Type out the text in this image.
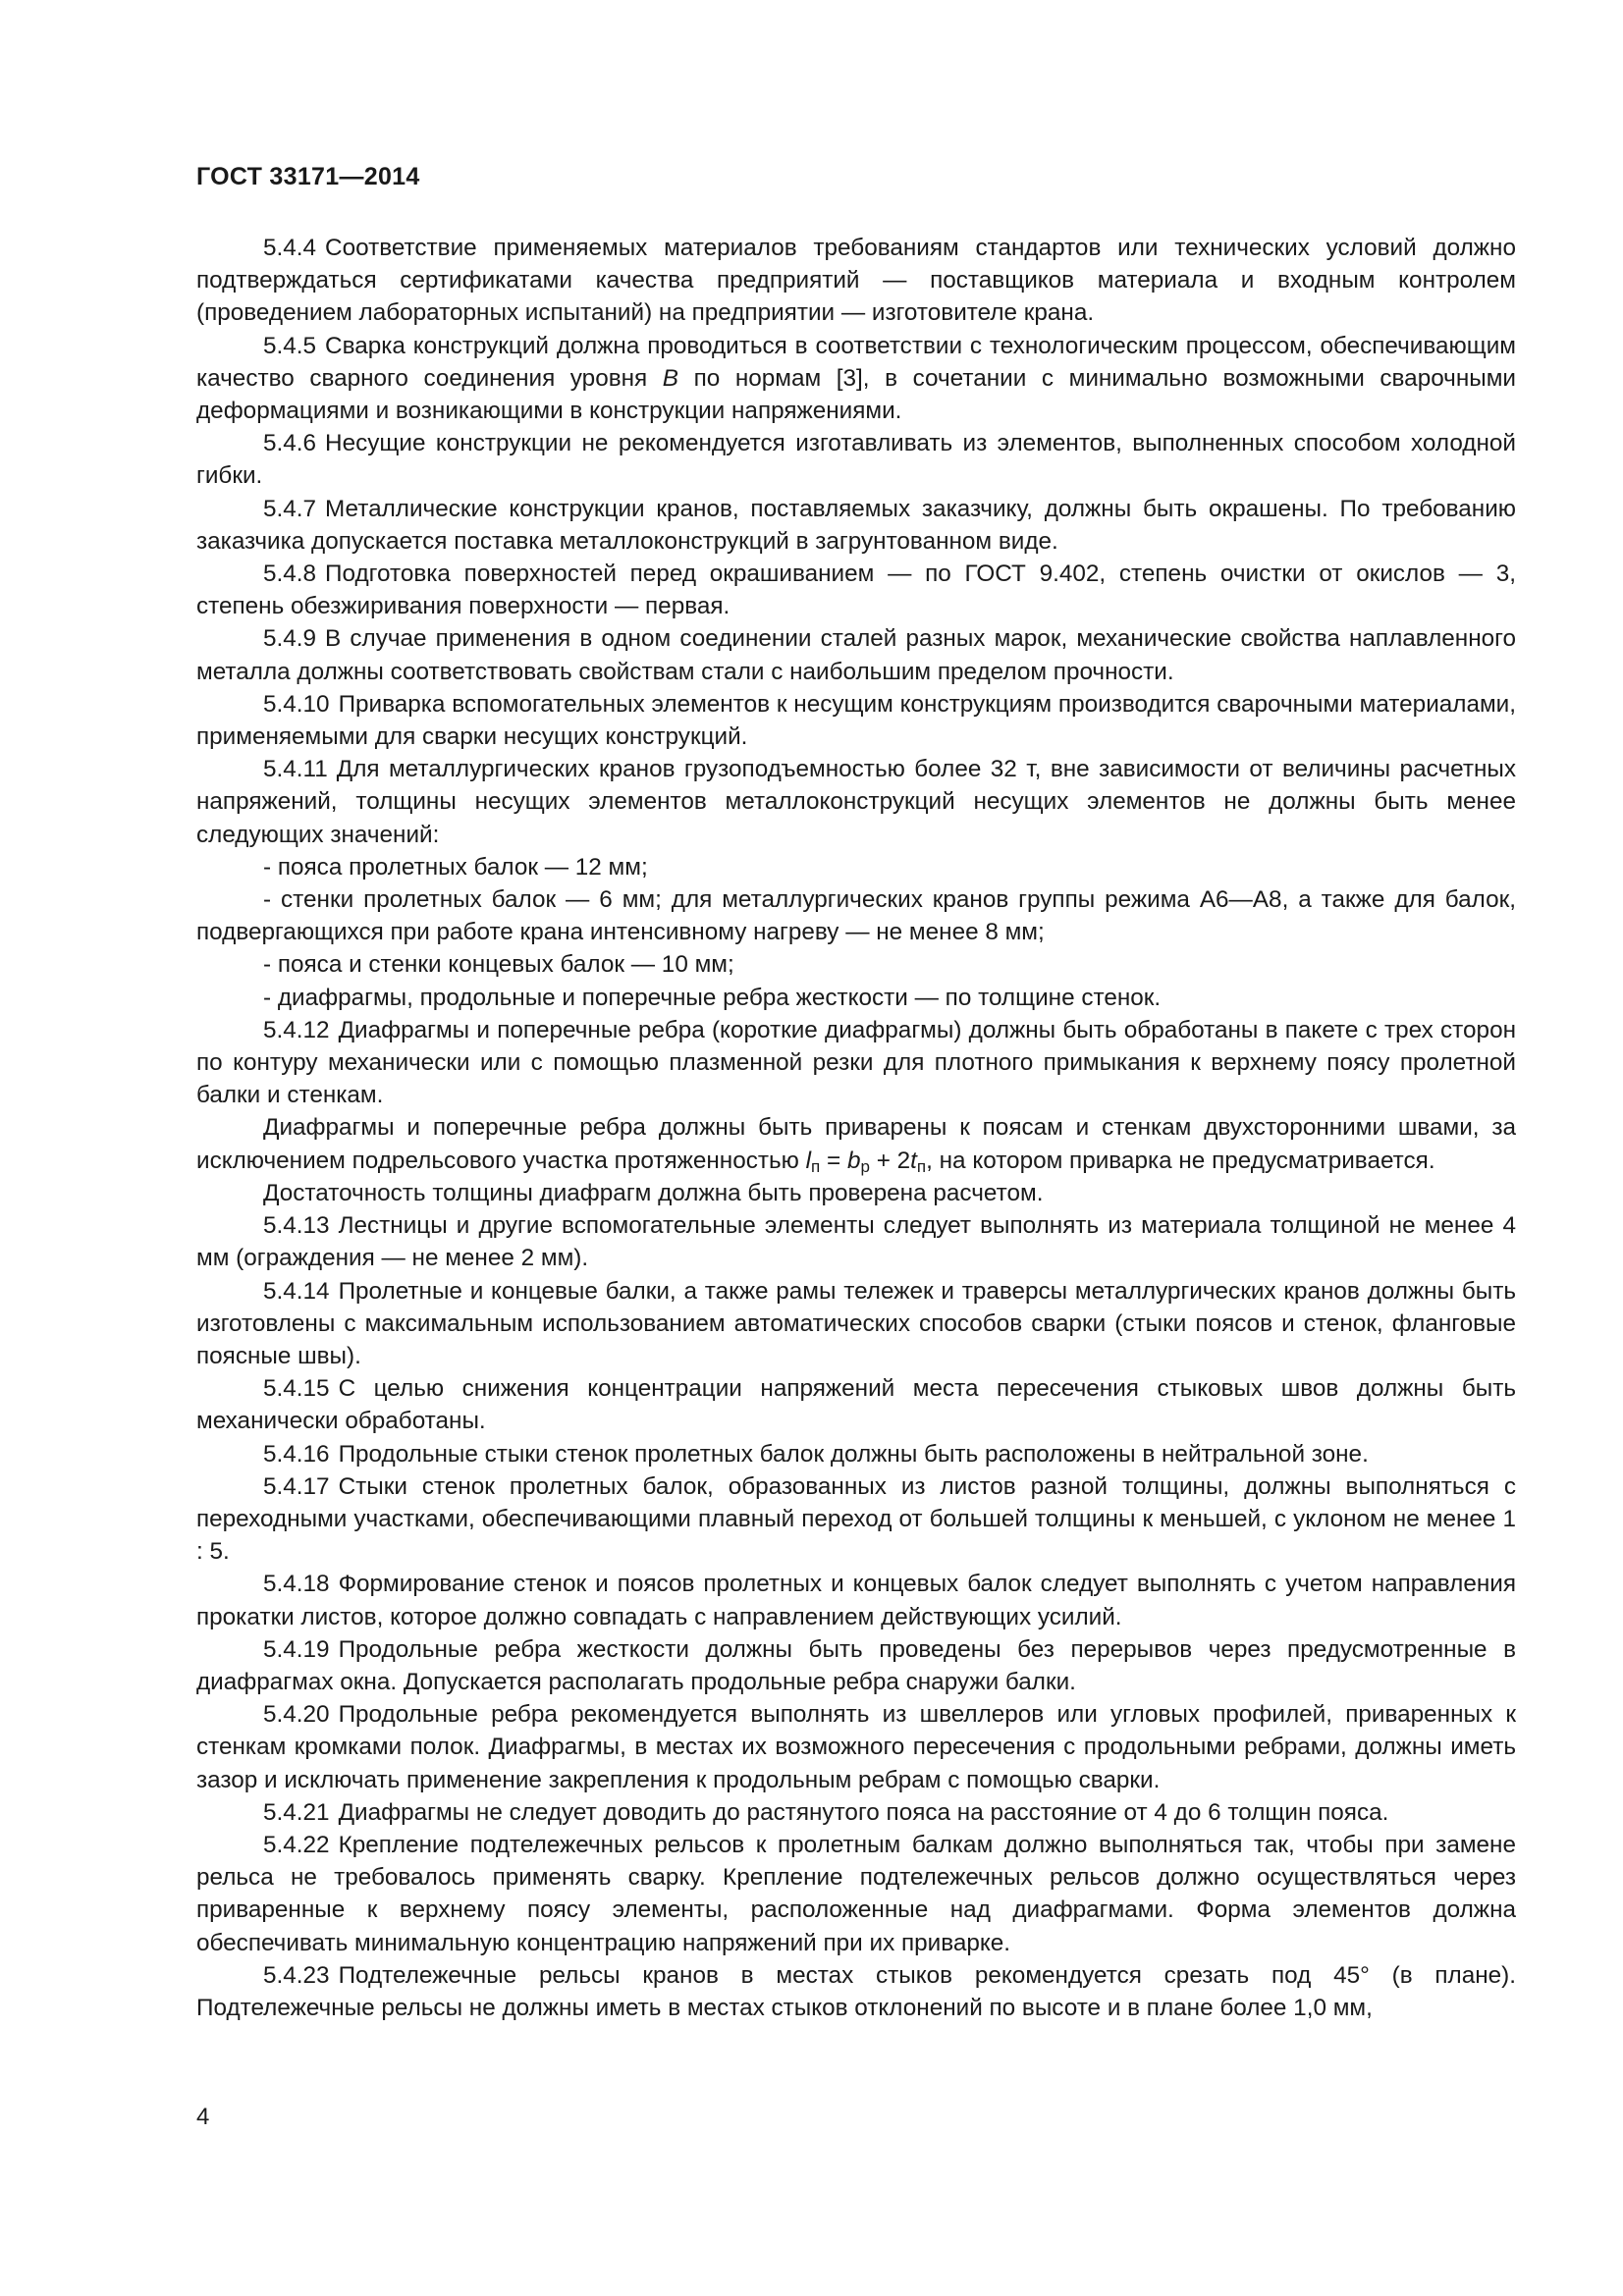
ГОСТ 33171—2014

5.4.4 Соответствие применяемых материалов требованиям стандартов или технических условий должно подтверждаться сертификатами качества предприятий — поставщиков материала и входным контролем (проведением лабораторных испытаний) на предприятии — изготовителе крана.

5.4.5 Сварка конструкций должна проводиться в соответствии с технологическим процессом, обеспечивающим качество сварного соединения уровня В по нормам [3], в сочетании с минимально возможными сварочными деформациями и возникающими в конструкции напряжениями.

5.4.6 Несущие конструкции не рекомендуется изготавливать из элементов, выполненных способом холодной гибки.

5.4.7 Металлические конструкции кранов, поставляемых заказчику, должны быть окрашены. По требованию заказчика допускается поставка металлоконструкций в загрунтованном виде.

5.4.8 Подготовка поверхностей перед окрашиванием — по ГОСТ 9.402, степень очистки от окислов — 3, степень обезжиривания поверхности — первая.

5.4.9 В случае применения в одном соединении сталей разных марок, механические свойства наплавленного металла должны соответствовать свойствам стали с наибольшим пределом прочности.

5.4.10 Приварка вспомогательных элементов к несущим конструкциям производится сварочными материалами, применяемыми для сварки несущих конструкций.

5.4.11 Для металлургических кранов грузоподъемностью более 32 т, вне зависимости от величины расчетных напряжений, толщины несущих элементов металлоконструкций несущих элементов не должны быть менее следующих значений:

- пояса пролетных балок — 12 мм;

- стенки пролетных балок — 6 мм; для металлургических кранов группы режима А6—А8, а также для балок, подвергающихся при работе крана интенсивному нагреву — не менее 8 мм;

- пояса и стенки концевых балок — 10 мм;

- диафрагмы, продольные и поперечные ребра жесткости — по толщине стенок.

5.4.12 Диафрагмы и поперечные ребра (короткие диафрагмы) должны быть обработаны в пакете с трех сторон по контуру механически или с помощью плазменной резки для плотного примыкания к верхнему поясу пролетной балки и стенкам.

Диафрагмы и поперечные ребра должны быть приварены к поясам и стенкам двухсторонними швами, за исключением подрельсового участка протяженностью $l_п = b_р + 2t_п$, на котором приварка не предусматривается.

Достаточность толщины диафрагм должна быть проверена расчетом.

5.4.13 Лестницы и другие вспомогательные элементы следует выполнять из материала толщиной не менее 4 мм (ограждения — не менее 2 мм).

5.4.14 Пролетные и концевые балки, а также рамы тележек и траверсы металлургических кранов должны быть изготовлены с максимальным использованием автоматических способов сварки (стыки поясов и стенок, фланговые поясные швы).

5.4.15 С целью снижения концентрации напряжений места пересечения стыковых швов должны быть механически обработаны.

5.4.16 Продольные стыки стенок пролетных балок должны быть расположены в нейтральной зоне.

5.4.17 Стыки стенок пролетных балок, образованных из листов разной толщины, должны выполняться с переходными участками, обеспечивающими плавный переход от большей толщины к меньшей, с уклоном не менее 1 : 5.

5.4.18 Формирование стенок и поясов пролетных и концевых балок следует выполнять с учетом направления прокатки листов, которое должно совпадать с направлением действующих усилий.

5.4.19 Продольные ребра жесткости должны быть проведены без перерывов через предусмотренные в диафрагмах окна. Допускается располагать продольные ребра снаружи балки.

5.4.20 Продольные ребра рекомендуется выполнять из швеллеров или угловых профилей, приваренных к стенкам кромками полок. Диафрагмы, в местах их возможного пересечения с продольными ребрами, должны иметь зазор и исключать применение закрепления к продольным ребрам с помощью сварки.

5.4.21 Диафрагмы не следует доводить до растянутого пояса на расстояние от 4 до 6 толщин пояса.

5.4.22 Крепление подтележечных рельсов к пролетным балкам должно выполняться так, чтобы при замене рельса не требовалось применять сварку. Крепление подтележечных рельсов должно осуществляться через приваренные к верхнему поясу элементы, расположенные над диафрагмами. Форма элементов должна обеспечивать минимальную концентрацию напряжений при их приварке.

5.4.23 Подтележечные рельсы кранов в местах стыков рекомендуется срезать под 45° (в плане). Подтележечные рельсы не должны иметь в местах стыков отклонений по высоте и в плане более 1,0 мм,

4
